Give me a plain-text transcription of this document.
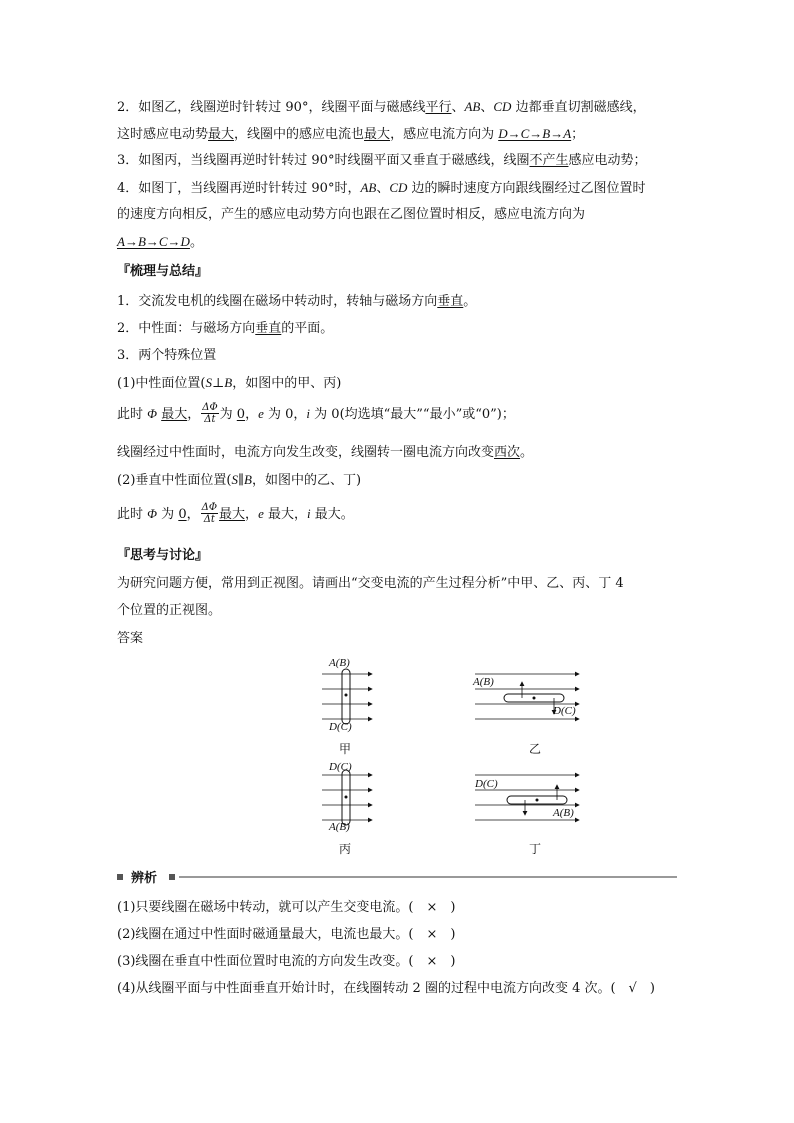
2．如图乙，线圈逆时针转过 90°，线圈平面与磁感线平行、AB、CD 边都垂直切割磁感线，
这时感应电动势最大，线圈中的感应电流也最大，感应电流方向为 D→C→B→A；
3．如图丙，当线圈再逆时针转过 90°时线圈平面又垂直于磁感线，线圈不产生感应电动势；
4．如图丁，当线圈再逆时针转过 90°时，AB、CD 边的瞬时速度方向跟线圈经过乙图位置时
的速度方向相反，产生的感应电动势方向也跟在乙图位置时相反，感应电流方向为
A→B→C→D。
『梳理与总结』
1．交流发电机的线圈在磁场中转动时，转轴与磁场方向垂直。
2．中性面：与磁场方向垂直的平面。
3．两个特殊位置
(1)中性面位置(S⊥B，如图中的甲、丙)
此时 Φ 最大， $\frac{\Delta\Phi}{\Delta t}$ 为 0，e 为 0，i 为 0(均选填“最大”“最小”或“0”)；
线圈经过中性面时，电流方向发生改变，线圈转一圈电流方向改变西次。
(2)垂直中性面位置(S∥B，如图中的乙、丁)
此时 Φ 为 0， $\frac{\Delta\Phi}{\Delta t}$ 最大，e 最大，i 最大。
『思考与讨论』
为研究问题方便，常用到正视图。请画出“交变电流的产生过程分析”中甲、乙、丙、丁 4
个位置的正视图。
答案
A(B)
D(C)
甲
A(B)
D(C)
乙
D(C)
A(B)
丙
D(C)
A(B)
丁
辨析
(1)只要线圈在磁场中转动，就可以产生交变电流。(　×　)
(2)线圈在通过中性面时磁通量最大，电流也最大。(　×　)
(3)线圈在垂直中性面位置时电流的方向发生改变。(　×　)
(4)从线圈平面与中性面垂直开始计时，在线圈转动 2 圈的过程中电流方向改变 4 次。(　√　)
